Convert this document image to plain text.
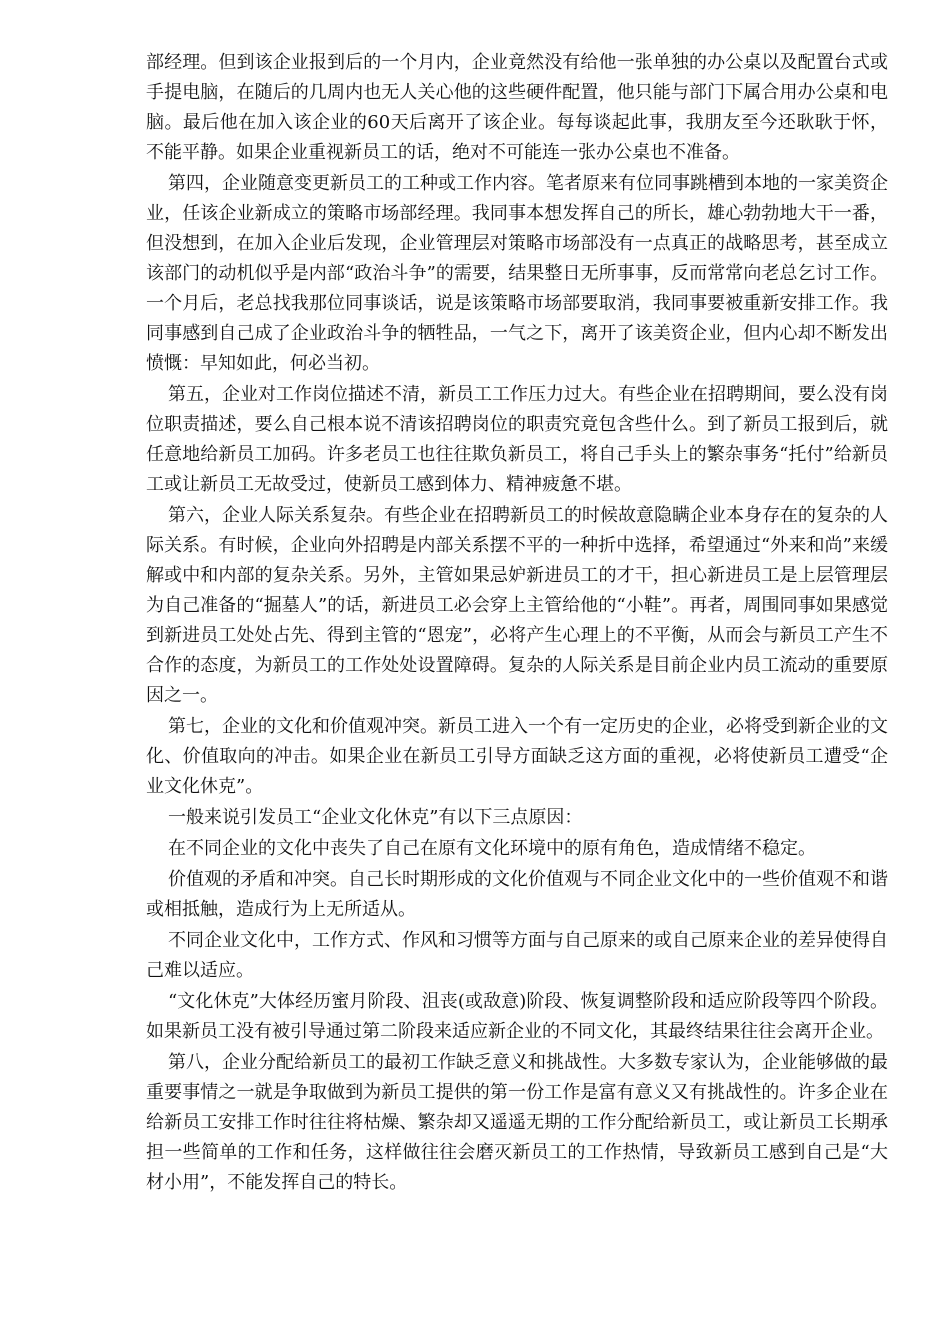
部经理。但到该企业报到后的一个月内，企业竟然没有给他一张单独的办公桌以及配置台式或手提电脑，在随后的几周内也无人关心他的这些硬件配置，他只能与部门下属合用办公桌和电脑。最后他在加入该企业的60天后离开了该企业。每每谈起此事，我朋友至今还耿耿于怀，不能平静。如果企业重视新员工的话，绝对不可能连一张办公桌也不准备。

第四，企业随意变更新员工的工种或工作内容。笔者原来有位同事跳槽到本地的一家美资企业，任该企业新成立的策略市场部经理。我同事本想发挥自己的所长，雄心勃勃地大干一番，但没想到，在加入企业后发现，企业管理层对策略市场部没有一点真正的战略思考，甚至成立该部门的动机似乎是内部“政治斗争”的需要，结果整日无所事事，反而常常向老总乞讨工作。一个月后，老总找我那位同事谈话，说是该策略市场部要取消，我同事要被重新安排工作。我同事感到自己成了企业政治斗争的牺牲品，一气之下，离开了该美资企业，但内心却不断发出愤慨：早知如此，何必当初。

第五，企业对工作岗位描述不清，新员工工作压力过大。有些企业在招聘期间，要么没有岗位职责描述，要么自己根本说不清该招聘岗位的职责究竟包含些什么。到了新员工报到后，就任意地给新员工加码。许多老员工也往往欺负新员工，将自己手头上的繁杂事务“托付”给新员工或让新员工无故受过，使新员工感到体力、精神疲惫不堪。

第六，企业人际关系复杂。有些企业在招聘新员工的时候故意隐瞒企业本身存在的复杂的人际关系。有时候，企业向外招聘是内部关系摆不平的一种折中选择，希望通过“外来和尚”来缓解或中和内部的复杂关系。另外，主管如果忌妒新进员工的才干，担心新进员工是上层管理层为自己准备的“掘墓人”的话，新进员工必会穿上主管给他的“小鞋”。再者，周围同事如果感觉到新进员工处处占先、得到主管的“恩宠”，必将产生心理上的不平衡，从而会与新员工产生不合作的态度，为新员工的工作处处设置障碍。复杂的人际关系是目前企业内员工流动的重要原因之一。

第七，企业的文化和价值观冲突。新员工进入一个有一定历史的企业，必将受到新企业的文化、价值取向的冲击。如果企业在新员工引导方面缺乏这方面的重视，必将使新员工遭受“企业文化休克”。

一般来说引发员工“企业文化休克”有以下三点原因：

在不同企业的文化中丧失了自己在原有文化环境中的原有角色，造成情绪不稳定。

价值观的矛盾和冲突。自己长时期形成的文化价值观与不同企业文化中的一些价值观不和谐或相抵触，造成行为上无所适从。

不同企业文化中，工作方式、作风和习惯等方面与自己原来的或自己原来企业的差异使得自己难以适应。

“文化休克”大体经历蜜月阶段、沮丧(或敌意)阶段、恢复调整阶段和适应阶段等四个阶段。如果新员工没有被引导通过第二阶段来适应新企业的不同文化，其最终结果往往会离开企业。

第八，企业分配给新员工的最初工作缺乏意义和挑战性。大多数专家认为，企业能够做的最重要事情之一就是争取做到为新员工提供的第一份工作是富有意义又有挑战性的。许多企业在给新员工安排工作时往往将枯燥、繁杂却又遥遥无期的工作分配给新员工，或让新员工长期承担一些简单的工作和任务，这样做往往会磨灭新员工的工作热情，导致新员工感到自己是“大材小用”，不能发挥自己的特长。
